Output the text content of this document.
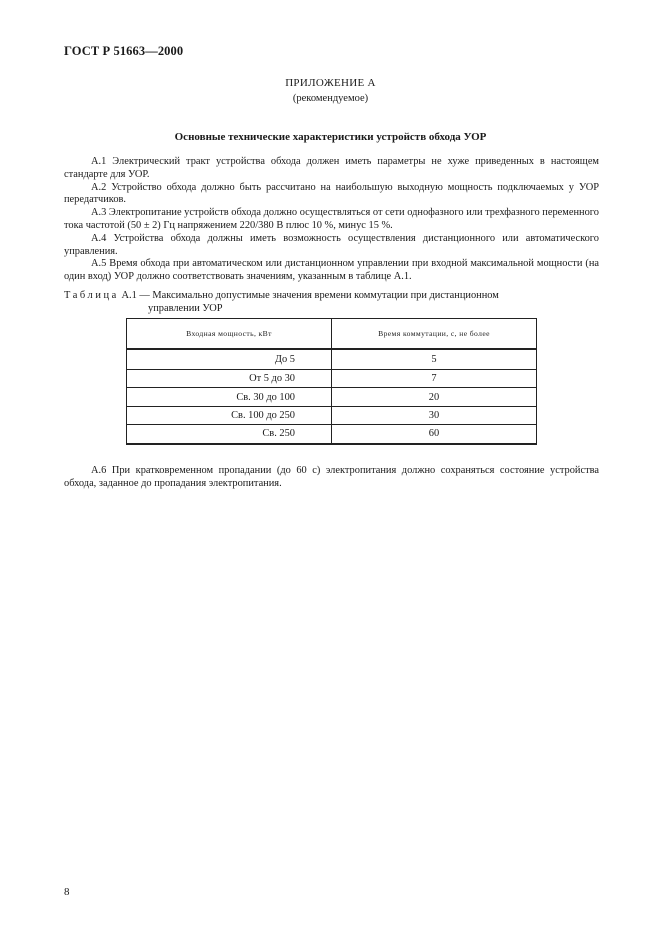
ГОСТ Р 51663—2000
ПРИЛОЖЕНИЕ А
(рекомендуемое)
Основные технические характеристики устройств обхода УОР

А.1 Электрический тракт устройства обхода должен иметь параметры не хуже приведенных в настоящем стандарте для УОР.

А.2 Устройство обхода должно быть рассчитано на наибольшую выходную мощность подключаемых у УОР передатчиков.

А.3 Электропитание устройств обхода должно осуществляться от сети однофазного или трехфазного переменного тока частотой (50 ± 2) Гц напряжением 220/380 В плюс 10 %, минус 15 %.

А.4 Устройства обхода должны иметь возможность осуществления дистанционного или автоматического управления.

А.5 Время обхода при автоматическом или дистанционном управлении при входной максимальной мощности (на один вход) УОР должно соответствовать значениям, указанным в таблице А.1.

Таблица А.1 — Максимально допустимые значения времени коммутации при дистанционном
управлении УОР
Входная мощность, кВт	Время коммутации, с, не более
До 5	5
От 5 до 30	7
Св. 30 до 100	20
Св. 100 до 250	30
Св. 250	60

А.6 При кратковременном пропадании (до 60 с) электропитания должно сохраняться состояние устройства обхода, заданное до пропадания электропитания.

8
